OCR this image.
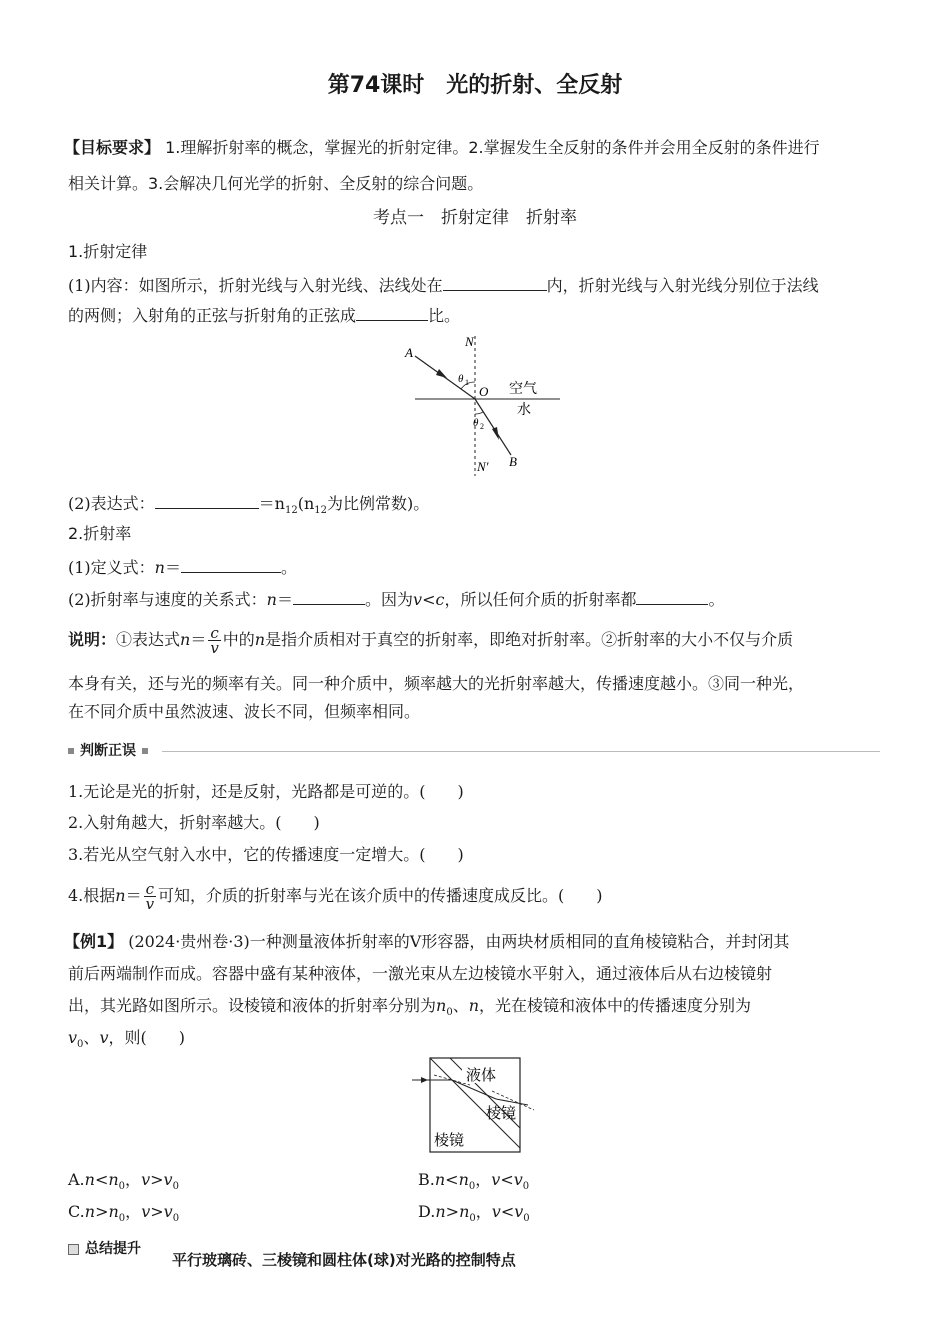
第74课时　光的折射、全反射
【目标要求】 1.理解折射率的概念，掌握光的折射定律。2.掌握发生全反射的条件并会用全反射的条件进行
相关计算。3.会解决几何光学的折射、全反射的综合问题。
考点一　折射定律　折射率
1.折射定律
(1)内容：如图所示，折射光线与入射光线、法线处在	内，折射光线与入射光线分别位于法线
的两侧；入射角的正弦与折射角的正弦成	比。
N
A
O
B
N′
θ 1
θ 2
空气
水
(2)表达式：	$=n_{12}(n_{12}$为比例常数)。
2.折射率
(1)定义式：n＝	。
(2)折射率与速度的关系式：n＝	。因为v<c，所以任何介质的折射率都	。
说明：①表达式$n= \frac{c}{v}$ 中的n是指介质相对于真空的折射率，即绝对折射率。②折射率的大小不仅与介质
本身有关，还与光的频率有关。同一种介质中，频率越大的光折射率越大，传播速度越小。③同一种光，
在不同介质中虽然波速、波长不同，但频率相同。
判断正误
1.无论是光的折射，还是反射，光路都是可逆的。(　　)
2.入射角越大，折射率越大。(　　)
3.若光从空气射入水中，它的传播速度一定增大。(　　)
4.根据$n= \frac{c}{v}$ 可知，介质的折射率与光在该介质中的传播速度成反比。(　　)
【例1】 (2024·贵州卷·3)一种测量液体折射率的V形容器，由两块材质相同的直角棱镜粘合，并封闭其
前后两端制作而成。容器中盛有某种液体，一激光束从左边棱镜水平射入，通过液体后从右边棱镜射
出，其光路如图所示。设棱镜和液体的折射率分别为$n_0$、n，光在棱镜和液体中的传播速度分别为
$v_0$、v，则(　　)
液体
棱镜
棱镜
$A.n<n_0$，$v>v_0$	$B.n<n_0$，$v<v_0$
$C.n>n_0$，$v>v_0$	$D.n>n_0$，$v<v_0$
总结提升
平行玻璃砖、三棱镜和圆柱体(球)对光路的控制特点
